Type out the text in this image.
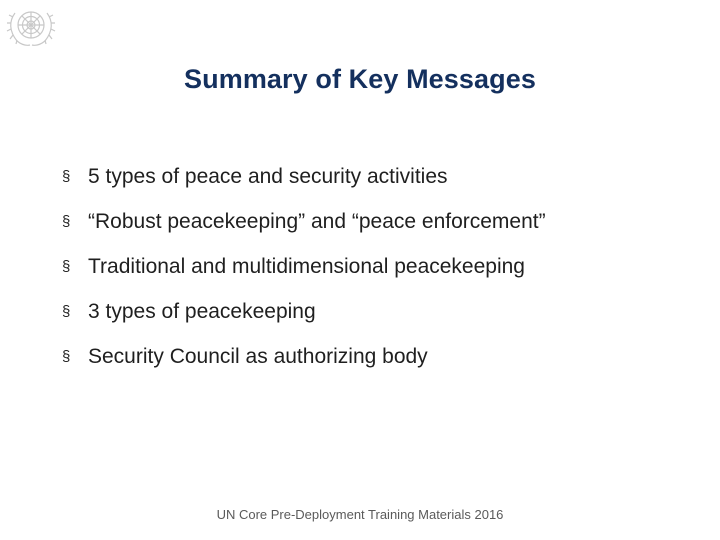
Summary of Key Messages
§ 5 types of peace and security activities
§ “Robust peacekeeping” and “peace enforcement”
§ Traditional and multidimensional peacekeeping
§ 3 types of peacekeeping
§ Security Council as authorizing body
UN Core Pre-Deployment Training Materials 2016
